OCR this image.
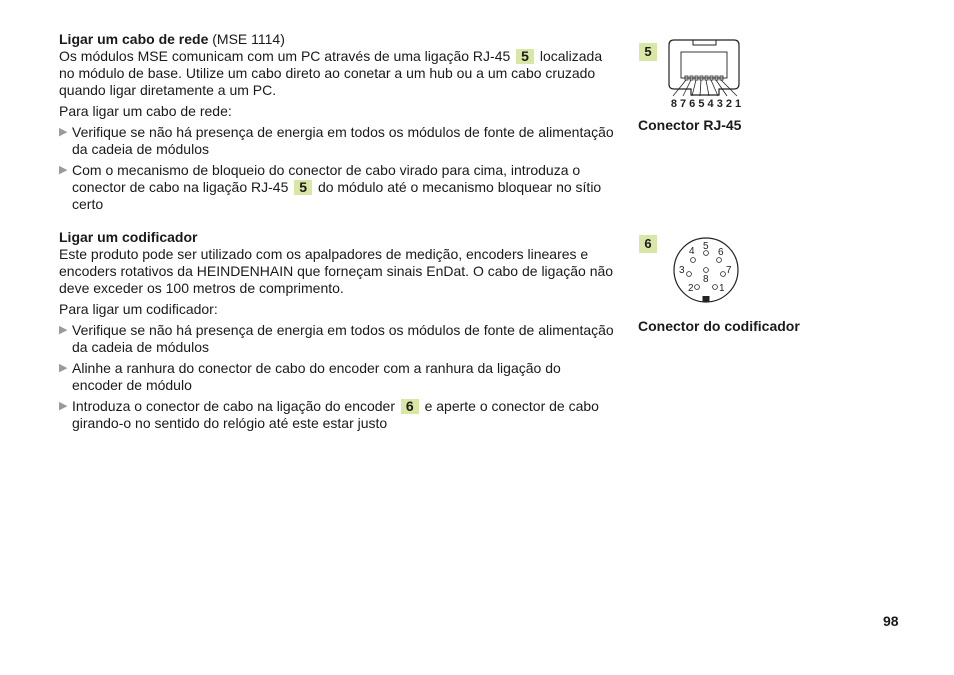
Ligar um cabo de rede (MSE 1114)

Os módulos MSE comunicam com um PC através de uma ligação RJ-45 5 localizada no módulo de base. Utilize um cabo direto ao conetar a um hub ou a um cabo cruzado quando ligar diretamente a um PC.

Para ligar um cabo de rede:

▶ Verifique se não há presença de energia em todos os módulos de fonte de alimentação da cadeia de módulos
▶ Com o mecanismo de bloqueio do conector de cabo virado para cima, introduza o conector de cabo na ligação RJ-45 5 do módulo até o mecanismo bloquear no sítio certo
Ligar um codificador

Este produto pode ser utilizado com os apalpadores de medição, encoders lineares e encoders rotativos da HEINDENHAIN que forneçam sinais EnDat. O cabo de ligação não deve exceder os 100 metros de comprimento.

Para ligar um codificador:

▶ Verifique se não há presença de energia em todos os módulos de fonte de alimentação da cadeia de módulos
▶ Alinhe a ranhura do conector de cabo do encoder com a ranhura da ligação do encoder de módulo
▶ Introduza o conector de cabo na ligação do encoder 6 e aperte o conector de cabo girando-o no sentido do relógio até este estar justo
5
8 7 6 5 4 3 2 1
Conector RJ-45
6	5
4 6
3	7
8
2	1
Conector do codificador
98
